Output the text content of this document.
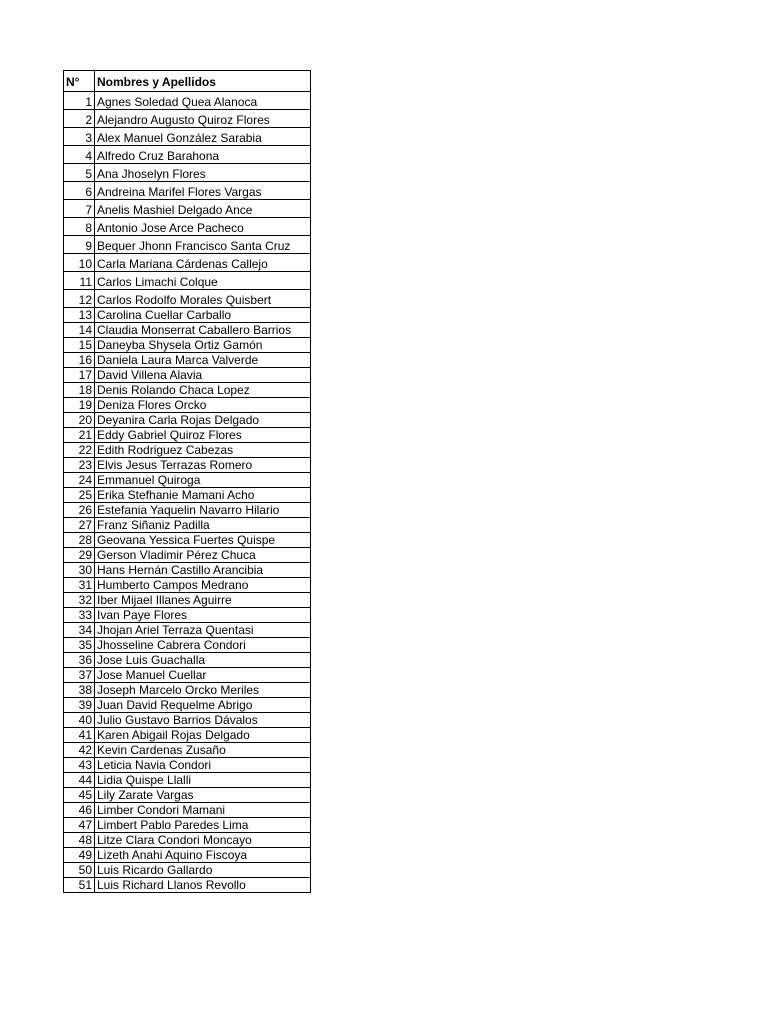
N°	Nombres y Apellidos
1	Agnes Soledad Quea Alanoca
2	Alejandro Augusto Quiroz Flores
3	Alex Manuel González Sarabia
4	Alfredo Cruz Barahona
5	Ana Jhoselyn Flores
6	Andreina Marifel Flores Vargas
7	Anelis Mashiel Delgado Ance
8	Antonio Jose Arce Pacheco
9	Bequer Jhonn Francisco Santa Cruz
10	Carla Mariana Cárdenas Callejo
11	Carlos Limachi Colque
12	Carlos Rodolfo Morales Quisbert
13	Carolina Cuellar Carballo
14	Claudia Monserrat Caballero Barrios
15	Daneyba Shysela Ortiz Gamón
16	Daniela Laura Marca Valverde
17	David Villena Alavia
18	Denis Rolando Chaca Lopez
19	Deniza Flores Orcko
20	Deyanira Carla Rojas Delgado
21	Eddy Gabriel Quiroz Flores
22	Edith Rodriguez Cabezas
23	Elvis Jesus Terrazas Romero
24	Emmanuel Quiroga
25	Erika Stefhanie Mamani Acho
26	Estefania Yaquelin Navarro Hilario
27	Franz Siñaniz Padilla
28	Geovana Yessica Fuertes Quispe
29	Gerson Vladimir Pérez Chuca
30	Hans Hernán Castillo Arancibia
31	Humberto Campos Medrano
32	Iber Mijael Illanes Aguirre
33	Ivan Paye Flores
34	Jhojan Ariel Terraza Quentasi
35	Jhosseline Cabrera Condori
36	Jose Luis Guachalla
37	Jose Manuel Cuellar
38	Joseph Marcelo Orcko Meriles
39	Juan David Requelme Abrigo
40	Julio Gustavo Barrios Dávalos
41	Karen Abigail Rojas Delgado
42	Kevin Cardenas Zusaño
43	Leticia Navia Condori
44	Lidia Quispe Llalli
45	Lily Zarate Vargas
46	Limber Condori Mamani
47	Limbert Pablo Paredes Lima
48	Litze Clara Condori Moncayo
49	Lizeth Anahi Aquino Fiscoya
50	Luis Ricardo Gallardo
51	Luis Richard Llanos Revollo
